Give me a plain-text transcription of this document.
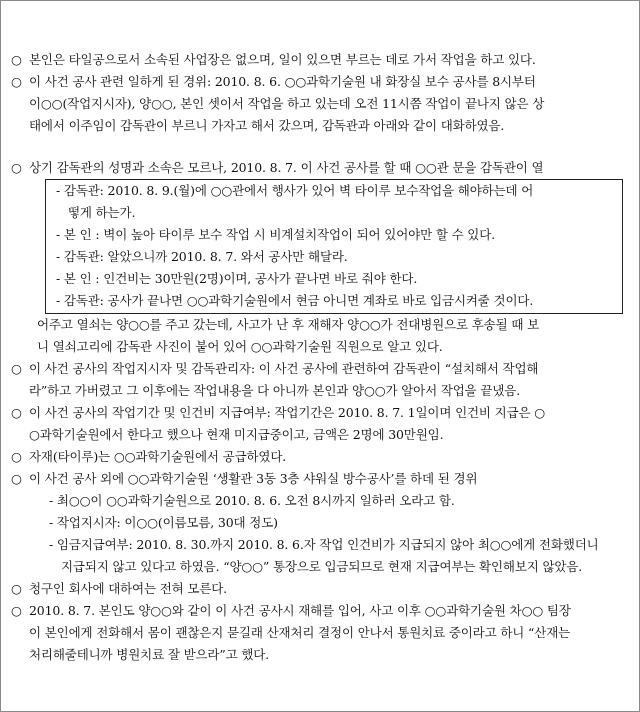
○ 본인은 타일공으로서 소속된 사업장은 없으며, 일이 있으면 부르는 데로 가서 작업을 하고 있다.
○ 이 사건 공사 관련 일하게 된 경위: 2010. 8. 6. ○○과학기술원 내 화장실 보수 공사를 8시부터
이○○(작업지시자), 양○○, 본인 셋이서 작업을 하고 있는데 오전 11시쯤 작업이 끝나지 않은 상
태에서 이주임이 감독관이 부르니 가자고 해서 갔으며, 감독관과 아래와 같이 대화하였음.
○ 상기 감독관의 성명과 소속은 모르나, 2010. 8. 7. 이 사건 공사를 할 때 ○○관 문을 감독관이 열
- 감독관: 2010. 8. 9.(월)에 ○○관에서 행사가 있어 벽 타이루 보수작업을 해야하는데 어
떻게 하는가.
- 본 인 : 벽이 높아 타이루 보수 작업 시 비계설치작업이 되어 있어야만 할 수 있다.
- 감독관: 알았으니까 2010. 8. 7. 와서 공사만 해달라.
- 본 인 : 인건비는 30만원(2명)이며, 공사가 끝나면 바로 줘야 한다.
- 감독관: 공사가 끝나면 ○○과학기술원에서 현금 아니면 계좌로 바로 입금시켜줄 것이다.
어주고 열쇠는 양○○를 주고 갔는데, 사고가 난 후 재해자 양○○가 전대병원으로 후송될 때 보
니 열쇠고리에 감독관 사진이 붙어 있어 ○○과학기술원 직원으로 알고 있다.
○ 이 사건 공사의 작업지시자 및 감독관리자: 이 사건 공사에 관련하여 감독관이 “설치해서 작업해
라”하고 가버렸고 그 이후에는 작업내용을 다 아니까 본인과 양○○가 알아서 작업을 끝냈음.
○ 이 사건 공사의 작업기간 및 인건비 지급여부: 작업기간은 2010. 8. 7. 1일이며 인건비 지급은 ○
○과학기술원에서 한다고 했으나 현재 미지급중이고, 금액은 2명에 30만원임.
○ 자재(타이루)는 ○○과학기술원에서 공급하였다.
○ 이 사건 공사 외에 ○○과학기술원 ‘생활관 3동 3층 샤워실 방수공사’를 하데 된 경위
- 최○○이 ○○과학기술원으로 2010. 8. 6. 오전 8시까지 일하러 오라고 함.
- 작업지시자: 이○○(이름모름, 30대 정도)
- 임금지급여부: 2010. 8. 30.까지 2010. 8. 6.자 작업 인건비가 지급되지 않아 최○○에게 전화했더니
지급되지 않고 있다고 하였음. “양○○” 통장으로 입금되므로 현재 지급여부는 확인해보지 않았음.
○ 청구인 회사에 대하여는 전혀 모른다.
○ 2010. 8. 7. 본인도 양○○와 같이 이 사건 공사시 재해를 입어, 사고 이후 ○○과학기술원 차○○ 팀장
이 본인에게 전화해서 몸이 괜찮은지 묻길래 산재처리 결정이 안나서 통원치료 중이라고 하니 “산재는
처리해줄테니까 병원치료 잘 받으라”고 했다.
